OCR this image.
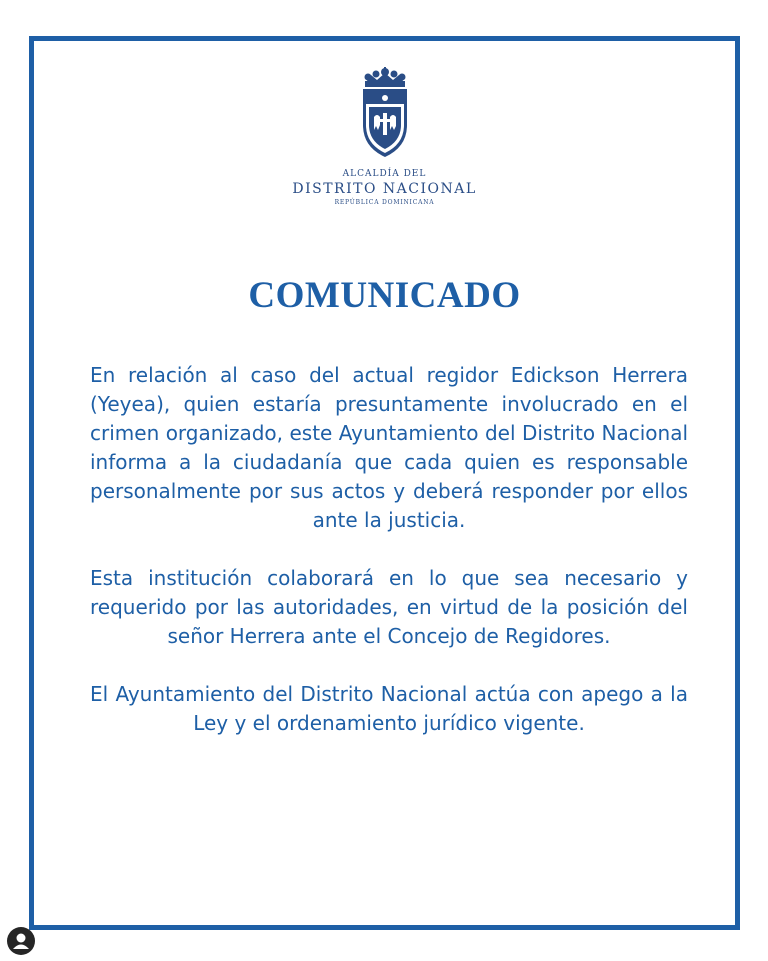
ALCALDÍA DEL
DISTRITO NACIONAL
REPÚBLICA DOMINICANA
COMUNICADO

En relación al caso del actual regidor Edickson Herrera (Yeyea), quien estaría presuntamente involucrado en el crimen organizado, este Ayuntamiento del Distrito Nacional informa a la ciudadanía que cada quien es responsable personalmente por sus actos y deberá responder por ellos ante la justicia.

Esta institución colaborará en lo que sea necesario y requerido por las autoridades, en virtud de la posición del señor Herrera ante el Concejo de Regidores.

El Ayuntamiento del Distrito Nacional actúa con apego a la Ley y el ordenamiento jurídico vigente.
